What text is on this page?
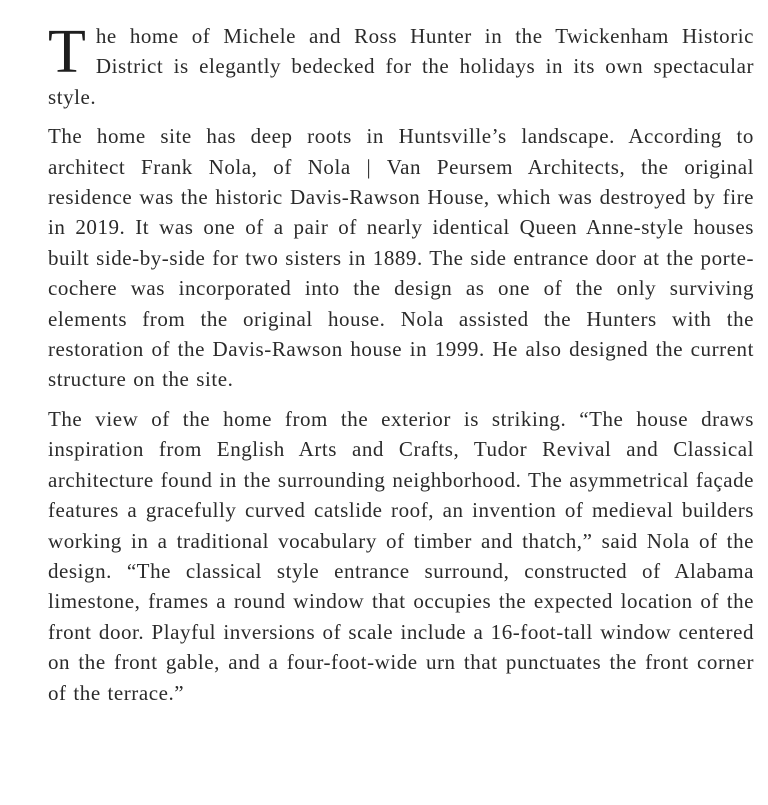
The home of Michele and Ross Hunter in the Twickenham Historic District is elegantly bedecked for the holidays in its own spectacular style.

The home site has deep roots in Huntsville’s landscape. According to architect Frank Nola, of Nola | Van Peursem Architects, the original residence was the historic Davis-Rawson House, which was destroyed by fire in 2019. It was one of a pair of nearly identical Queen Anne-style houses built side-by-side for two sisters in 1889. The side entrance door at the porte-cochere was incorporated into the design as one of the only surviving elements from the original house. Nola assisted the Hunters with the restoration of the Davis-Rawson house in 1999. He also designed the current structure on the site.

The view of the home from the exterior is striking. “The house draws inspiration from English Arts and Crafts, Tudor Revival and Classical architecture found in the surrounding neighborhood. The asymmetrical façade features a gracefully curved catslide roof, an invention of medieval builders working in a traditional vocabulary of timber and thatch,” said Nola of the design. “The classical style entrance surround, constructed of Alabama limestone, frames a round window that occupies the expected location of the front door. Playful inversions of scale include a 16-foot-tall window centered on the front gable, and a four-foot-wide urn that punctuates the front corner of the terrace.”
